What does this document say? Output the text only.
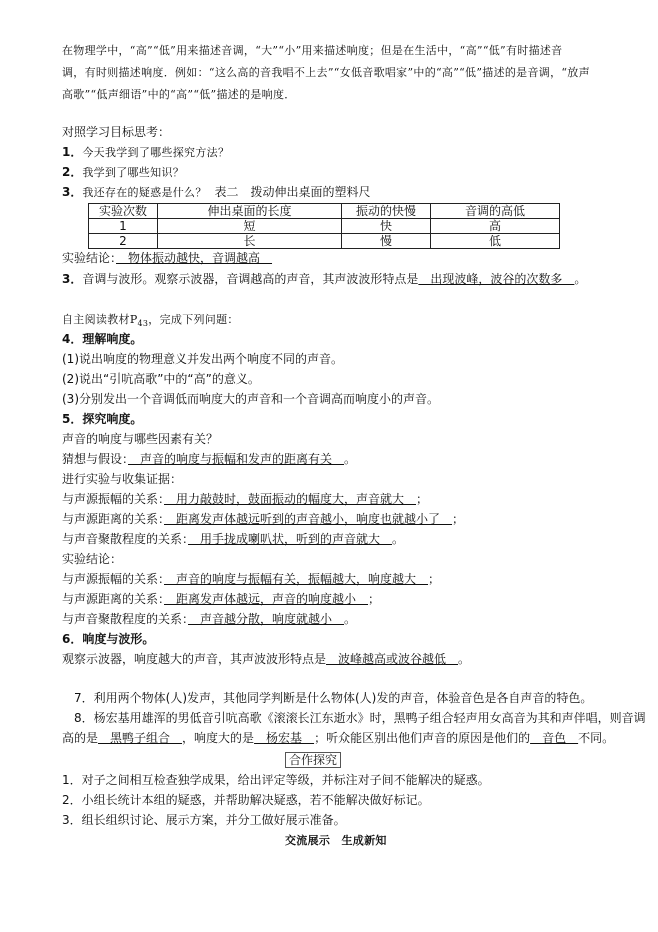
在物理学中，“高”“低”用来描述音调，“大”“小”用来描述响度；但是在生活中，“高”“低”有时描述音
调，有时则描述响度．例如：“这么高的音我唱不上去”“女低音歌唱家”中的“高”“低”描述的是音调，“放声
高歌”“低声细语”中的“高”“低”描述的是响度．
对照学习目标思考：
1．今天我学到了哪些探究方法？
2．我学到了哪些知识？
3．我还存在的疑惑是什么？ 表二　拨动伸出桌面的塑料尺
实验次数	伸出桌面的长度	振动的快慢	音调的高低
1	短	快	高
2	长	慢	低
实验结论：　物体振动越快，音调越高　
3．音调与波形。观察示波器，音调越高的声音，其声波波形特点是　出现波峰，波谷的次数多　。
自主阅读教材$P_{43}$，完成下列问题：
4．理解响度。
(1)说出响度的物理意义并发出两个响度不同的声音。
(2)说出“引吭高歌”中的“高”的意义。
(3)分别发出一个音调低而响度大的声音和一个音调高而响度小的声音。
5．探究响度。
声音的响度与哪些因素有关？
猜想与假设：　声音的响度与振幅和发声的距离有关　。
进行实验与收集证据：
与声源振幅的关系：　用力敲鼓时，鼓面振动的幅度大，声音就大　；
与声源距离的关系：　距离发声体越远听到的声音越小，响度也就越小了　；
与声音聚散程度的关系：　用手拢成喇叭状，听到的声音就大　。
实验结论：
与声源振幅的关系：　声音的响度与振幅有关，振幅越大，响度越大　；
与声源距离的关系：　距离发声体越远，声音的响度越小　；
与声音聚散程度的关系：　声音越分散，响度就越小　。
6．响度与波形。
观察示波器，响度越大的声音，其声波波形特点是　波峰越高或波谷越低　。
7．利用两个物体(人)发声，其他同学判断是什么物体(人)发的声音，体验音色是各自声音的特色。
8．杨宏基用雄浑的男低音引吭高歌《滚滚长江东逝水》时，黑鸭子组合轻声用女高音为其和声伴唱，则音调
高的是　黑鸭子组合　，响度大的是　杨宏基　；听众能区别出他们声音的原因是他们的　音色　不同。
合作探究
1．对子之间相互检查独学成果，给出评定等级，并标注对子间不能解决的疑惑。
2．小组长统计本组的疑惑，并帮助解决疑惑，若不能解决做好标记。
3．组长组织讨论、展示方案，并分工做好展示准备。
交流展示　生成新知
